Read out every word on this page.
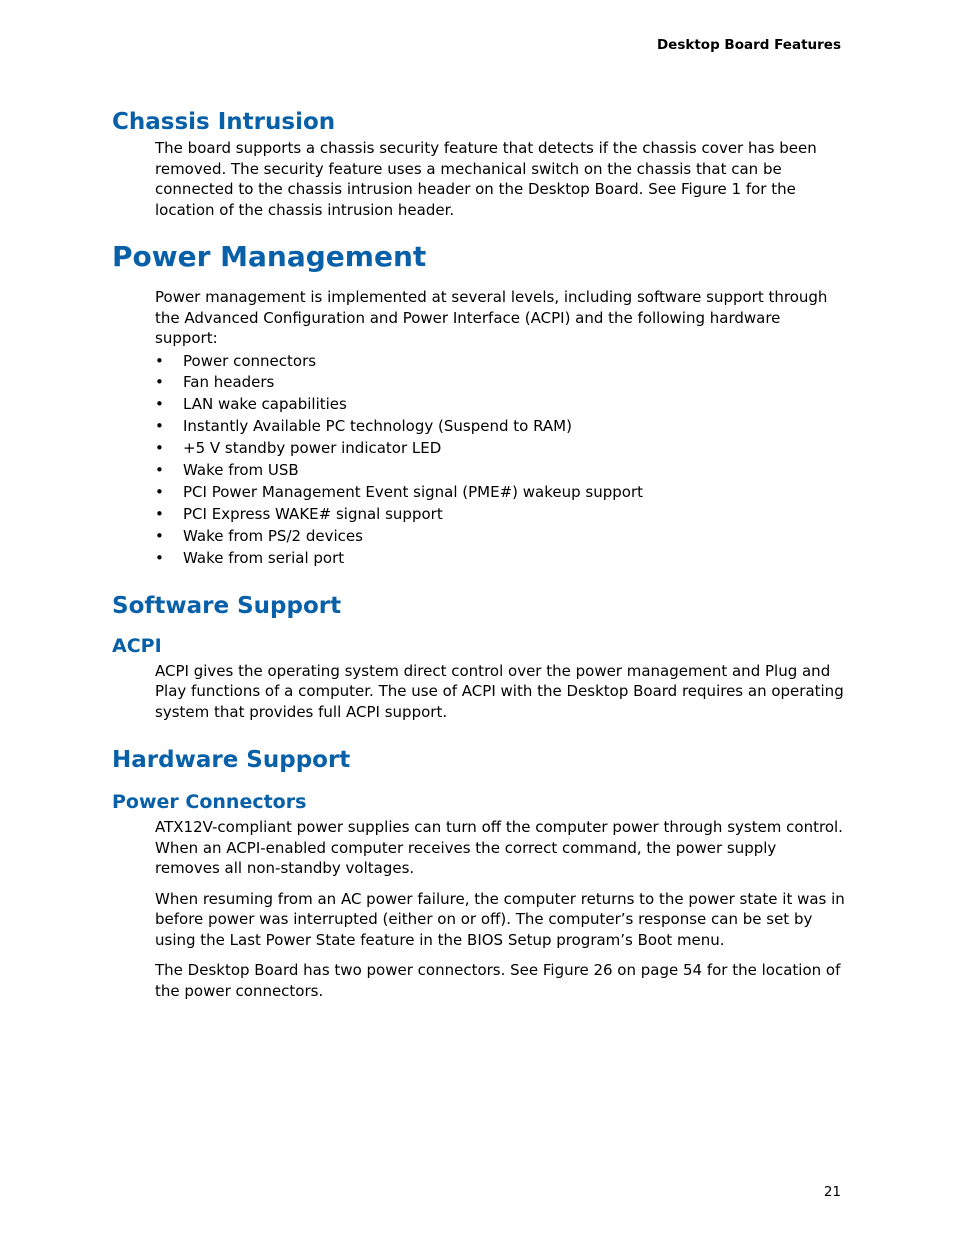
Desktop Board Features
Chassis Intrusion

The board supports a chassis security feature that detects if the chassis cover has been removed. The security feature uses a mechanical switch on the chassis that can be connected to the chassis intrusion header on the Desktop Board. See Figure 1 for the location of the chassis intrusion header.

Power Management

Power management is implemented at several levels, including software support through the Advanced Configuration and Power Interface (ACPI) and the following hardware support:

• Power connectors
• Fan headers
• LAN wake capabilities
• Instantly Available PC technology (Suspend to RAM)
• +5 V standby power indicator LED
• Wake from USB
• PCI Power Management Event signal (PME#) wakeup support
• PCI Express WAKE# signal support
• Wake from PS/2 devices
• Wake from serial port
Software Support
ACPI

ACPI gives the operating system direct control over the power management and Plug and Play functions of a computer. The use of ACPI with the Desktop Board requires an operating system that provides full ACPI support.

Hardware Support
Power Connectors

ATX12V-compliant power supplies can turn off the computer power through system control. When an ACPI-enabled computer receives the correct command, the power supply removes all non-standby voltages.

When resuming from an AC power failure, the computer returns to the power state it was in before power was interrupted (either on or off). The computer’s response can be set by using the Last Power State feature in the BIOS Setup program’s Boot menu.

The Desktop Board has two power connectors. See Figure 26 on page 54 for the location of the power connectors.

21
